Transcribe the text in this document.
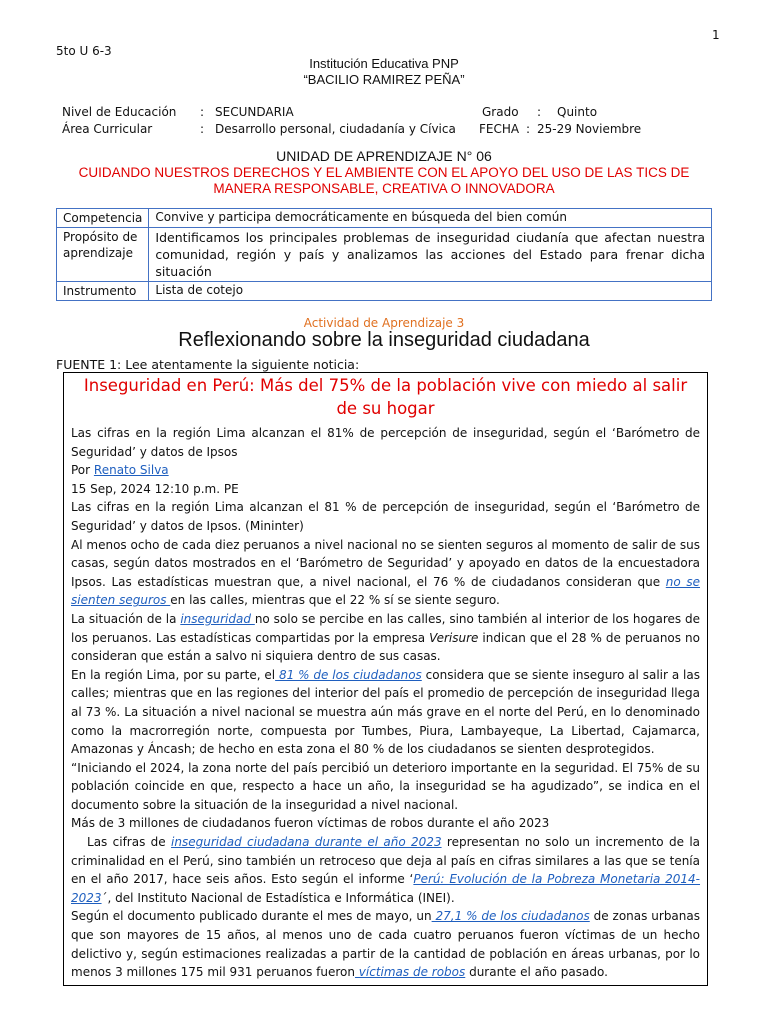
1
5to U 6-3
Institución Educativa PNP
“BACILIO RAMIREZ PEÑA”
Nivel de Educación : SECUNDARIA	Grado : Quinto
Área Curricular	: Desarrollo personal, ciudadanía y Cívica FECHA : 25-29 Noviembre
UNIDAD DE APRENDIZAJE N° 06
CUIDANDO NUESTROS DERECHOS Y EL AMBIENTE CON EL APOYO DEL USO DE LAS TICS DE MANERA RESPONSABLE, CREATIVA O INNOVADORA
Competencia	Convive y participa democráticamente en búsqueda del bien común
Propósito de aprendizaje	Identificamos los principales problemas de inseguridad ciudanía que afectan nuestra comunidad, región y país y analizamos las acciones del Estado para frenar dicha situación
Instrumento	Lista de cotejo
Actividad de Aprendizaje 3
Reflexionando sobre la inseguridad ciudadana
FUENTE 1: Lee atentamente la siguiente noticia:
Inseguridad en Perú: Más del 75% de la población vive con miedo al salir de su hogar

Las cifras en la región Lima alcanzan el 81% de percepción de inseguridad, según el ‘Barómetro de Seguridad’ y datos de Ipsos

Por Renato Silva

15 Sep, 2024 12:10 p.m. PE

Las cifras en la región Lima alcanzan el 81 % de percepción de inseguridad, según el ‘Barómetro de Seguridad’ y datos de Ipsos. (Mininter)

Al menos ocho de cada diez peruanos a nivel nacional no se sienten seguros al momento de salir de sus casas, según datos mostrados en el ‘Barómetro de Seguridad’ y apoyado en datos de la encuestadora Ipsos. Las estadísticas muestran que, a nivel nacional, el 76 % de ciudadanos consideran que no se sienten seguros en las calles, mientras que el 22 % sí se siente seguro.

La situación de la inseguridad no solo se percibe en las calles, sino también al interior de los hogares de los peruanos. Las estadísticas compartidas por la empresa Verisure indican que el 28 % de peruanos no consideran que están a salvo ni siquiera dentro de sus casas.

En la región Lima, por su parte, el 81 % de los ciudadanos considera que se siente inseguro al salir a las calles; mientras que en las regiones del interior del país el promedio de percepción de inseguridad llega al 73 %. La situación a nivel nacional se muestra aún más grave en el norte del Perú, en lo denominado como la macrorregión norte, compuesta por Tumbes, Piura, Lambayeque, La Libertad, Cajamarca, Amazonas y Áncash; de hecho en esta zona el 80 % de los ciudadanos se sienten desprotegidos.

“Iniciando el 2024, la zona norte del país percibió un deterioro importante en la seguridad. El 75% de su población coincide en que, respecto a hace un año, la inseguridad se ha agudizado”, se indica en el documento sobre la situación de la inseguridad a nivel nacional.

Más de 3 millones de ciudadanos fueron víctimas de robos durante el año 2023

Las cifras de inseguridad ciudadana durante el año 2023 representan no solo un incremento de la criminalidad en el Perú, sino también un retroceso que deja al país en cifras similares a las que se tenía en el año 2017, hace seis años. Esto según el informe ‘Perú: Evolución de la Pobreza Monetaria 2014-2023´, del Instituto Nacional de Estadística e Informática (INEI).

Según el documento publicado durante el mes de mayo, un 27,1 % de los ciudadanos de zonas urbanas que son mayores de 15 años, al menos uno de cada cuatro peruanos fueron víctimas de un hecho delictivo y, según estimaciones realizadas a partir de la cantidad de población en áreas urbanas, por lo menos 3 millones 175 mil 931 peruanos fueron víctimas de robos durante el año pasado.
